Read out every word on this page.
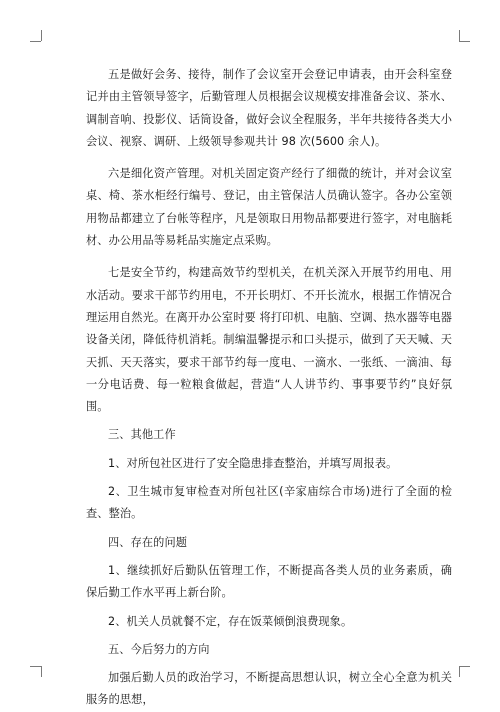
五是做好会务、接待，制作了会议室开会登记申请表，由开会科室登记并由主管领导签字，后勤管理人员根据会议规模安排准备会议、茶水、调制音响、投影仪、话筒设备，做好会议全程服务，半年共接待各类大小会议、视察、调研、上级领导参观共计 98 次(5600 余人)。

六是细化资产管理。对机关固定资产经行了细微的统计，并对会议室桌、椅、茶水柜经行编号、登记，由主管保洁人员确认签字。各办公室领用物品都建立了台帐等程序，凡是领取日用物品都要进行签字，对电脑耗材、办公用品等易耗品实施定点采购。

七是安全节约，构建高效节约型机关，在机关深入开展节约用电、用水活动。要求干部节约用电，不开长明灯、不开长流水，根据工作情况合理运用自然光。在离开办公室时要 将打印机、电脑、空调、热水器等电器设备关闭，降低待机消耗。制编温馨提示和口头提示，做到了天天喊、天天抓、天天落实，要求干部节约每一度电、一滴水、一张纸、一滴油、每一分电话费、每一粒粮食做起，营造“人人讲节约、事事要节约”良好氛围。

三、其他工作

1、对所包社区进行了安全隐患排查整治，并填写周报表。

2、卫生城市复审检查对所包社区(辛家庙综合市场)进行了全面的检查、整治。

四、存在的问题

1、继续抓好后勤队伍管理工作，不断提高各类人员的业务素质，确保后勤工作水平再上新台阶。

2、机关人员就餐不定，存在饭菜倾倒浪费现象。

五、今后努力的方向

加强后勤人员的政治学习，不断提高思想认识，树立全心全意为机关服务的思想，
